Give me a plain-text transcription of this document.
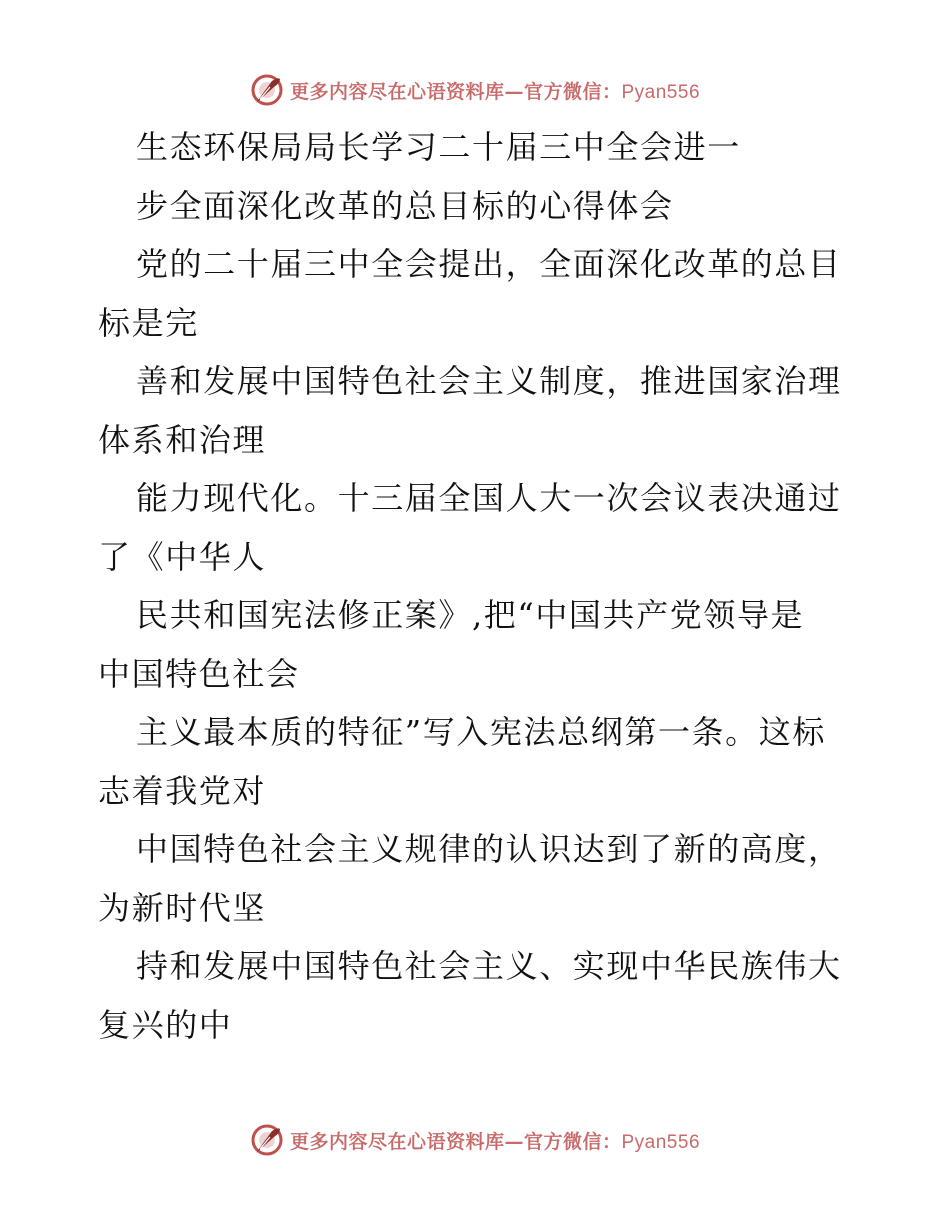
更多内容尽在心语资料库—官方微信：Pyan556
生态环保局局长学习二十届三中全会进一
步全面深化改革的总目标的心得体会
党的二十届三中全会提出，全面深化改革的总目
标是完
善和发展中国特色社会主义制度，推进国家治理
体系和治理
能力现代化。十三届全国人大一次会议表决通过
了《中华人
民共和国宪法修正案》,把“中国共产党领导是
中国特色社会
主义最本质的特征”写入宪法总纲第一条。这标
志着我党对
中国特色社会主义规律的认识达到了新的高度，
为新时代坚
持和发展中国特色社会主义、实现中华民族伟大
复兴的中
更多内容尽在心语资料库—官方微信：Pyan556
